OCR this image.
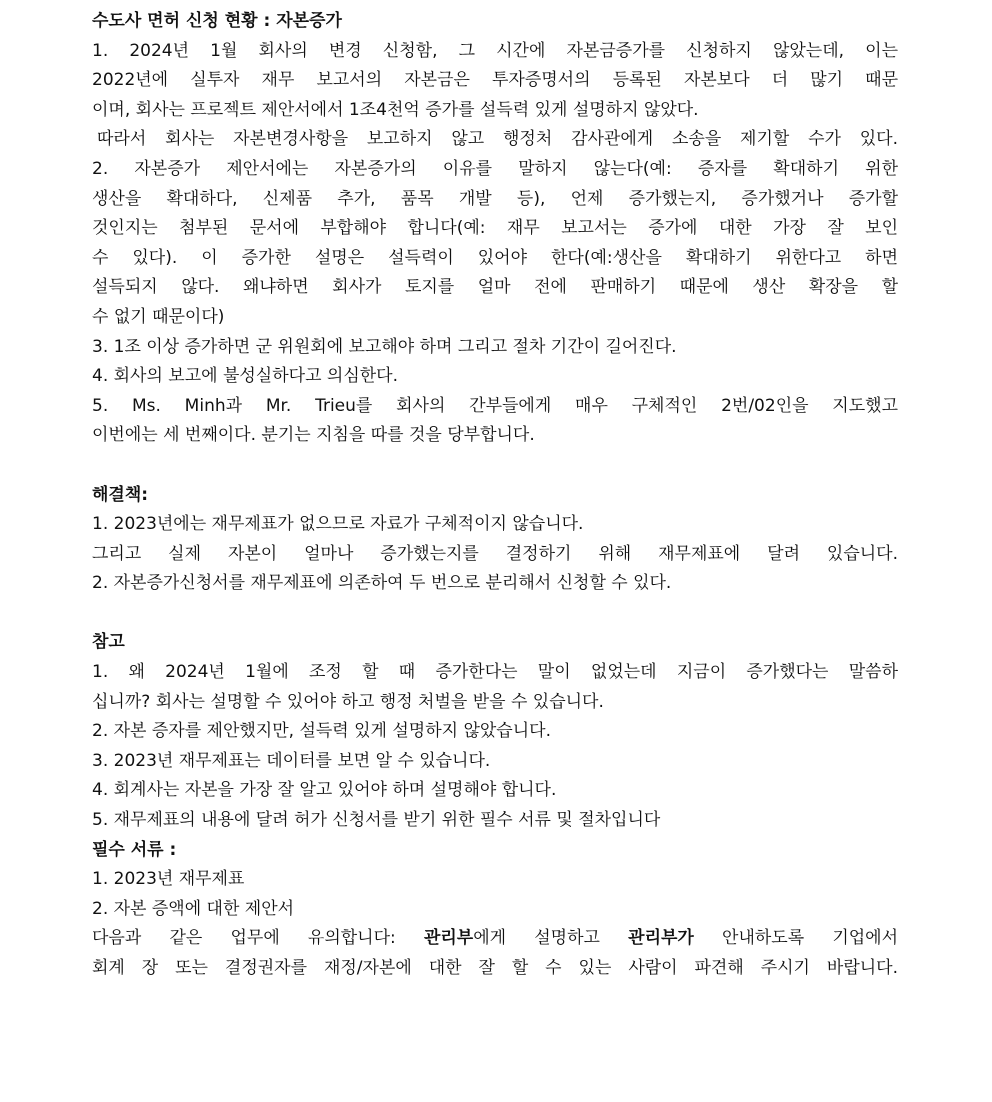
수도사 면허 신청 현황 : 자본증가
1. 2024년 1월 회사의 변경 신청함, 그 시간에 자본금증가를 신청하지 않았는데, 이는
2022년에 실투자 재무 보고서의 자본금은 투자증명서의 등록된 자본보다 더 많기 때문
이며, 회사는 프로젝트 제안서에서 1조4천억 증가를 설득력 있게 설명하지 않았다.
따라서 회사는 자본변경사항을 보고하지 않고 행정처 감사관에게 소송을 제기할 수가 있다.
2. 자본증가 제안서에는 자본증가의 이유를 말하지 않는다(예: 증자를 확대하기 위한
생산을 확대하다, 신제품 추가, 품목 개발 등), 언제 증가했는지, 증가했거나 증가할
것인지는 첨부된 문서에 부합해야 합니다(예: 재무 보고서는 증가에 대한 가장 잘 보인
수 있다). 이 증가한 설명은 설득력이 있어야 한다(예:생산을 확대하기 위한다고 하면
설득되지 않다. 왜냐하면 회사가 토지를 얼마 전에 판매하기 때문에 생산 확장을 할
수 없기 때문이다)
3. 1조 이상 증가하면 군 위원회에 보고해야 하며 그리고 절차 기간이 길어진다.
4. 회사의 보고에 불성실하다고 의심한다.
5. Ms. Minh과 Mr. Trieu를 회사의 간부들에게 매우 구체적인 2번/02인을 지도했고
이번에는 세 번째이다. 분기는 지침을 따를 것을 당부합니다.
해결책:
1. 2023년에는 재무제표가 없으므로 자료가 구체적이지 않습니다.
그리고 실제 자본이 얼마나 증가했는지를 결정하기 위해 재무제표에 달려 있습니다.
2. 자본증가신청서를 재무제표에 의존하여 두 번으로 분리해서 신청할 수 있다.
참고
1. 왜 2024년 1월에 조정 할 때 증가한다는 말이 없었는데 지금이 증가했다는 말씀하
십니까? 회사는 설명할 수 있어야 하고 행정 처벌을 받을 수 있습니다.
2. 자본 증자를 제안했지만, 설득력 있게 설명하지 않았습니다.
3. 2023년 재무제표는 데이터를 보면 알 수 있습니다.
4. 회계사는 자본을 가장 잘 알고 있어야 하며 설명해야 합니다.
5. 재무제표의 내용에 달려 허가 신청서를 받기 위한 필수 서류 및 절차입니다
필수 서류 :
1. 2023년 재무제표
2. 자본 증액에 대한 제안서
다음과 같은 업무에 유의합니다: 관리부에게 설명하고 관리부가 안내하도록 기업에서
회계 장 또는 결정권자를 재정/자본에 대한 잘 할 수 있는 사람이 파견해 주시기 바랍니다.
